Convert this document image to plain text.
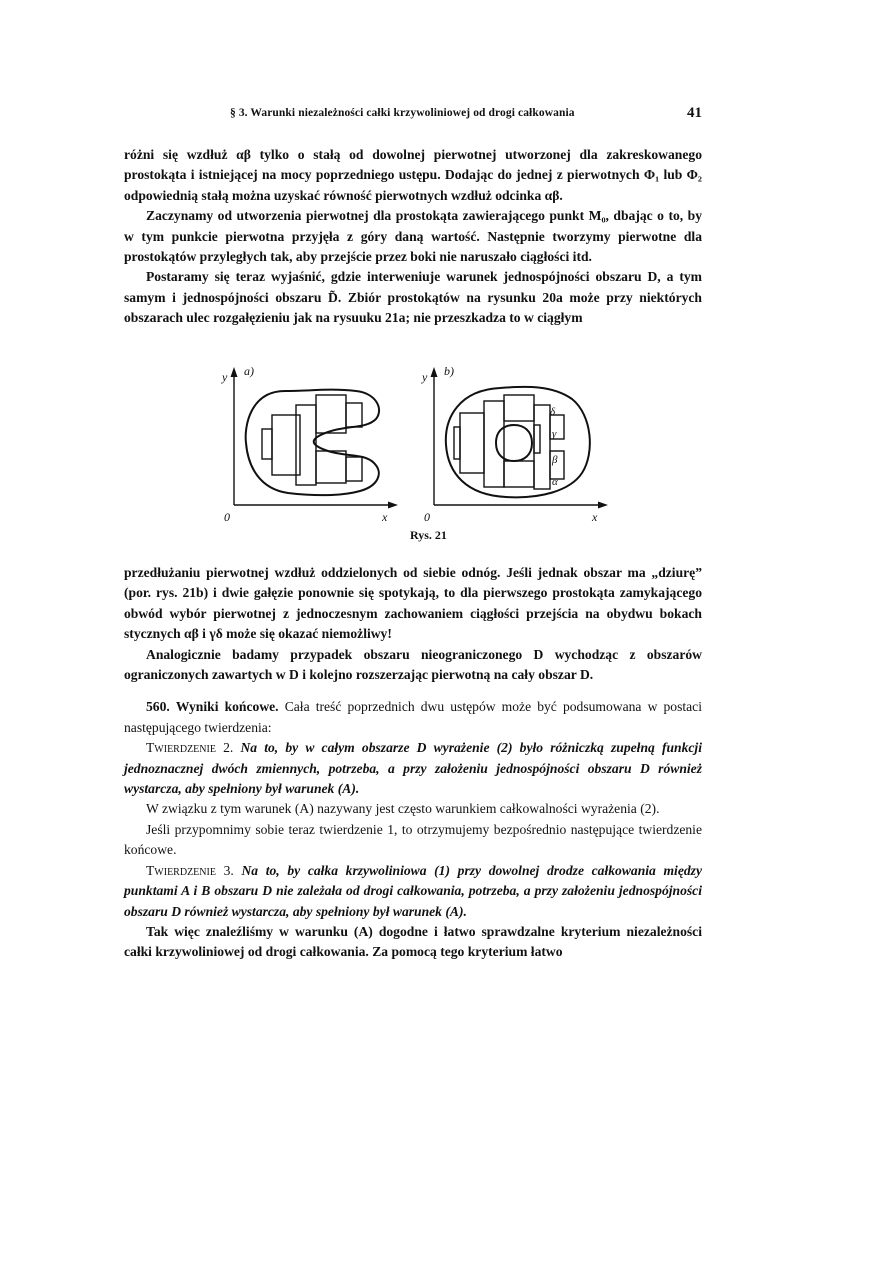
§ 3. Warunki niezależności całki krzywoliniowej od drogi całkowania	41

różni się wzdłuż αβ tylko o stałą od dowolnej pierwotnej utworzonej dla zakreskowanego prostokąta i istniejącej na mocy poprzedniego ustępu. Dodając do jednej z pierwotnych Φ₁ lub Φ₂ odpowiednią stałą można uzyskać równość pierwotnych wzdłuż odcinka αβ.

Zaczynamy od utworzenia pierwotnej dla prostokąta zawierającego punkt M₀, dbając o to, by w tym punkcie pierwotna przyjęła z góry daną wartość. Następnie tworzymy pierwotne dla prostokątów przyległych tak, aby przejście przez boki nie naruszało ciągłości itd.

Postaramy się teraz wyjaśnić, gdzie interweniuje warunek jednospójności obszaru D, a tym samym i jednospójności obszaru D̃. Zbiór prostokątów na rysunku 20a może przy niektórych obszarach ulec rozgałęzieniu jak na rysuuku 21a; nie przeszkadza to w ciągłym

a)
y
x
0
b)
y
x
0
δ
γ
β
α
Rys. 21

przedłużaniu pierwotnej wzdłuż oddzielonych od siebie odnóg. Jeśli jednak obszar ma „dziurę” (por. rys. 21b) i dwie gałęzie ponownie się spotykają, to dla pierwszego prostokąta zamykającego obwód wybór pierwotnej z jednoczesnym zachowaniem ciągłości przejścia na obydwu bokach stycznych αβ i γδ może się okazać niemożliwy!

Analogicznie badamy przypadek obszaru nieograniczonego D wychodząc z obszarów ograniczonych zawartych w D i kolejno rozszerzając pierwotną na cały obszar D.

560. Wyniki końcowe. Cała treść poprzednich dwu ustępów może być podsumowana w postaci następującego twierdzenia:

Twierdzenie 2. Na to, by w całym obszarze D wyrażenie (2) było różniczką zupełną funkcji jednoznacznej dwóch zmiennych, potrzeba, a przy założeniu jednospójności obszaru D również wystarcza, aby spełniony był warunek (A).

W związku z tym warunek (A) nazywany jest często warunkiem całkowalności wyrażenia (2).

Jeśli przypomnimy sobie teraz twierdzenie 1, to otrzymujemy bezpośrednio następujące twierdzenie końcowe.

Twierdzenie 3. Na to, by całka krzywoliniowa (1) przy dowolnej drodze całkowania między punktami A i B obszaru D nie zależała od drogi całkowania, potrzeba, a przy założeniu jednospójności obszaru D również wystarcza, aby spełniony był warunek (A).

Tak więc znaleźliśmy w warunku (A) dogodne i łatwo sprawdzalne kryterium niezależności całki krzywoliniowej od drogi całkowania. Za pomocą tego kryterium łatwo
